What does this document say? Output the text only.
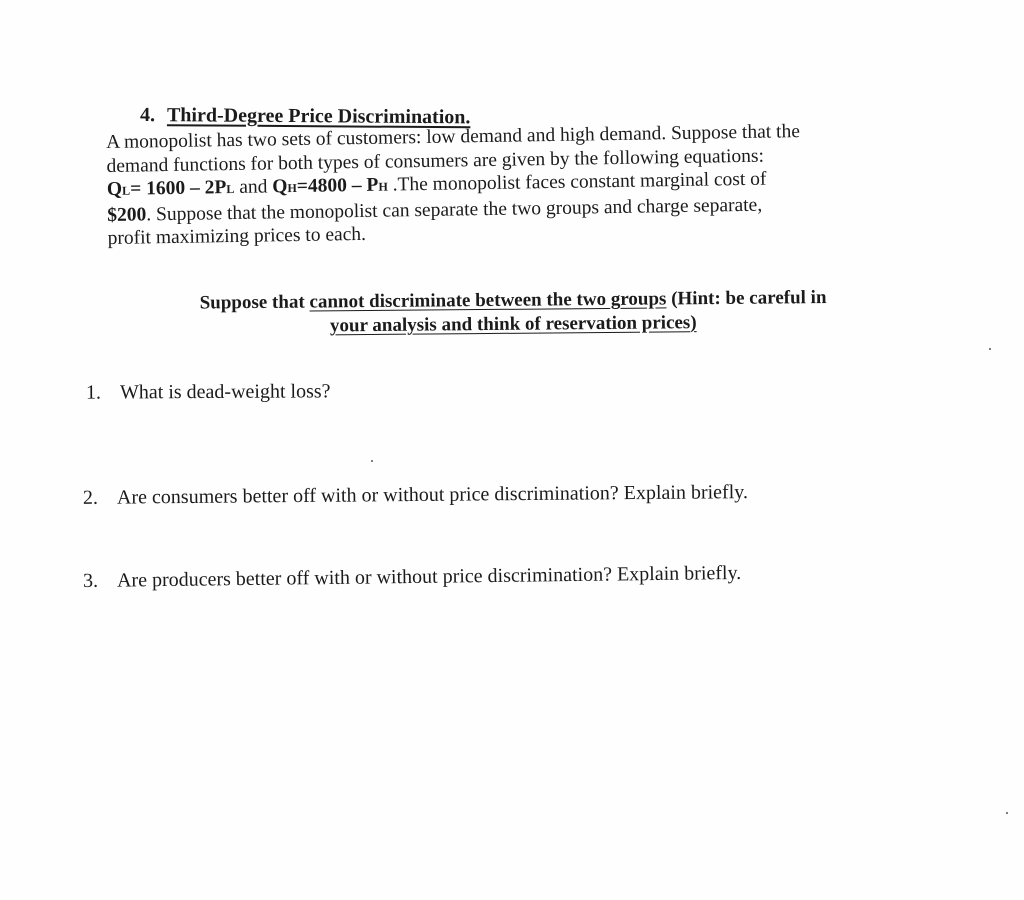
4. Third-Degree Price Discrimination.
A monopolist has two sets of customers: low demand and high demand. Suppose that the
demand functions for both types of consumers are given by the following equations:
QL= 1600 – 2PL and QH=4800 – PH .The monopolist faces constant marginal cost of
$200. Suppose that the monopolist can separate the two groups and charge separate,
profit maximizing prices to each.
Suppose that cannot discriminate between the two groups (Hint: be careful in
your analysis and think of reservation prices)
1. What is dead-weight loss?
2. Are consumers better off with or without price discrimination? Explain briefly.
3. Are producers better off with or without price discrimination? Explain briefly.
